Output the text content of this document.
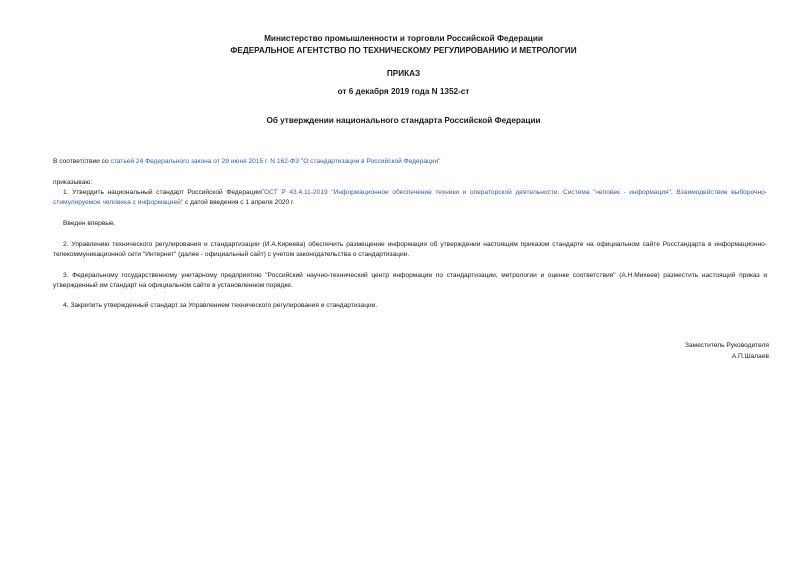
Министерство промышленности и торговли Российской Федерации
ФЕДЕРАЛЬНОЕ АГЕНТСТВО ПО ТЕХНИЧЕСКОМУ РЕГУЛИРОВАНИЮ И МЕТРОЛОГИИ
ПРИКАЗ
от 6 декабря 2019 года N 1352-ст
Об утверждении национального стандарта Российской Федерации
В соответствии со статьей 24 Федерального закона от 29 июня 2015 г. N 162-ФЗ "О стандартизации в Российской Федерации"
приказываю:
1. Утвердить национальный стандарт Российской ФедерацииГОСТ Р 43.4.11-2019 "Информационное обеспечение техники и операторской деятельности. Система "человек - информация". Взаимодействие выборочно-стимулируемое человека с информацией" с датой введения с 1 апреля 2020 г.
Введен впервые.
2. Управлению технического регулирования и стандартизации (И.А.Киреева) обеспечить размещение информации об утверждении настоящим приказом стандарте на официальном сайте Росстандарта в информационно-телекоммуникационной сети "Интернет" (далее - официальный сайт) с учетом законодательства о стандартизации.
3. Федеральному государственному унитарному предприятию "Российский научно-технический центр информации по стандартизации, метрологии и оценке соответствия" (А.Н.Михеев) разместить настоящий приказ и утвержденный им стандарт на официальном сайте в установленном порядке.
4. Закрепить утвержденный стандарт за Управлением технического регулирования и стандартизации.
Заместитель Руководителя
А.П.Шалаев
